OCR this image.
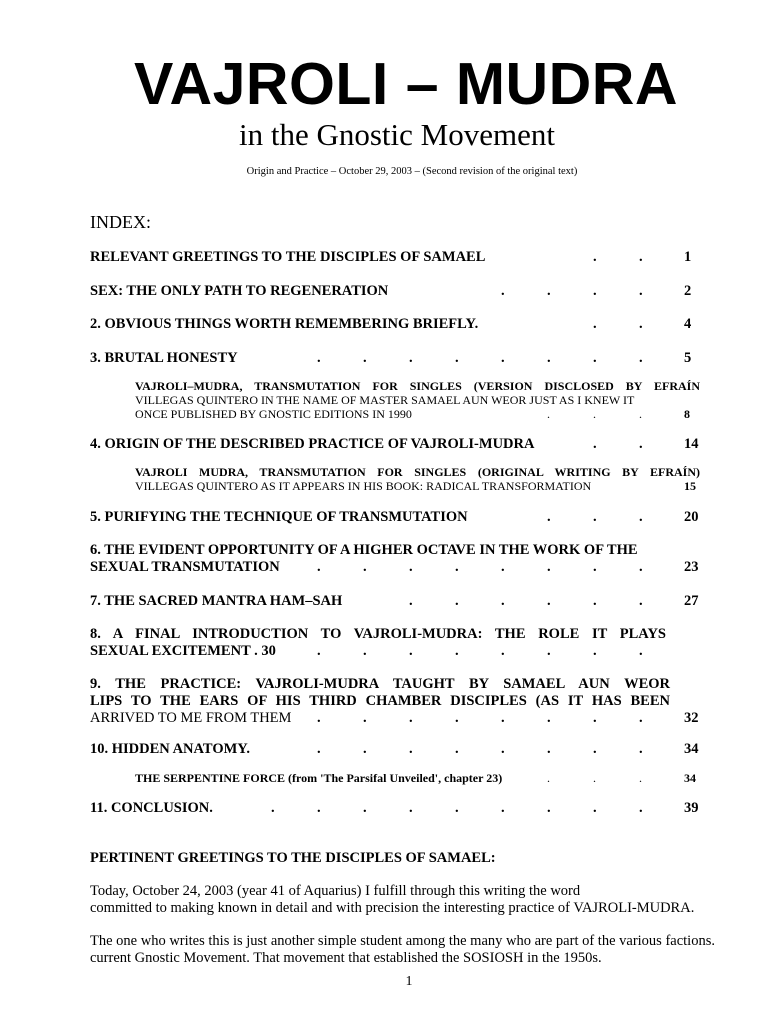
VAJROLI – MUDRA
in the Gnostic Movement
Origin and Practice – October 29, 2003 – (Second revision of the original text)
INDEX:
RELEVANT GREETINGS TO THE DISCIPLES OF SAMAEL	.	.	1
SEX: THE ONLY PATH TO REGENERATION	.	.	.	.	2
2. OBVIOUS THINGS WORTH REMEMBERING BRIEFLY.	.	.	4
3. BRUTAL HONESTY	.	.	.	.	.	.	.	.	5
VAJROLI–MUDRA, TRANSMUTATION FOR SINGLES (VERSION DISCLOSED BY EFRAÍN
VILLEGAS QUINTERO IN THE NAME OF MASTER SAMAEL AUN WEOR JUST AS I KNEW IT
ONCE PUBLISHED BY GNOSTIC EDITIONS IN 1990	.	.	.	8
4. ORIGIN OF THE DESCRIBED PRACTICE OF VAJROLI-MUDRA	.	.	14
VAJROLI MUDRA, TRANSMUTATION FOR SINGLES (ORIGINAL WRITING BY EFRAÍN)
VILLEGAS QUINTERO AS IT APPEARS IN HIS BOOK: RADICAL TRANSFORMATION	15
5. PURIFYING THE TECHNIQUE OF TRANSMUTATION	.	.	.	20
6. THE EVIDENT OPPORTUNITY OF A HIGHER OCTAVE IN THE WORK OF THE
SEXUAL TRANSMUTATION	.	.	.	.	.	.	.	.	23
7. THE SACRED MANTRA HAM–SAH	.	.	.	.	.	.	27
8. A FINAL INTRODUCTION TO VAJROLI-MUDRA: THE ROLE IT PLAYS
SEXUAL EXCITEMENT . 30	.	.	.	.	.	.	.	.
9. THE PRACTICE: VAJROLI-MUDRA TAUGHT BY SAMAEL AUN WEOR
LIPS TO THE EARS OF HIS THIRD CHAMBER DISCIPLES (AS IT HAS BEEN
ARRIVED TO ME FROM THEM	.	.	.	.	.	.	.	.	32
10. HIDDEN ANATOMY.	.	.	.	.	.	.	.	.	34
THE SERPENTINE FORCE (from 'The Parsifal Unveiled', chapter 23)	.	.	.	34
11. CONCLUSION.	.	.	.	.	.	.	.	.	.	39
PERTINENT GREETINGS TO THE DISCIPLES OF SAMAEL:
Today, October 24, 2003 (year 41 of Aquarius) I fulfill through this writing the word
committed to making known in detail and with precision the interesting practice of VAJROLI-MUDRA.
The one who writes this is just another simple student among the many who are part of the various factions.
current Gnostic Movement. That movement that established the SOSIOSH in the 1950s.
1
